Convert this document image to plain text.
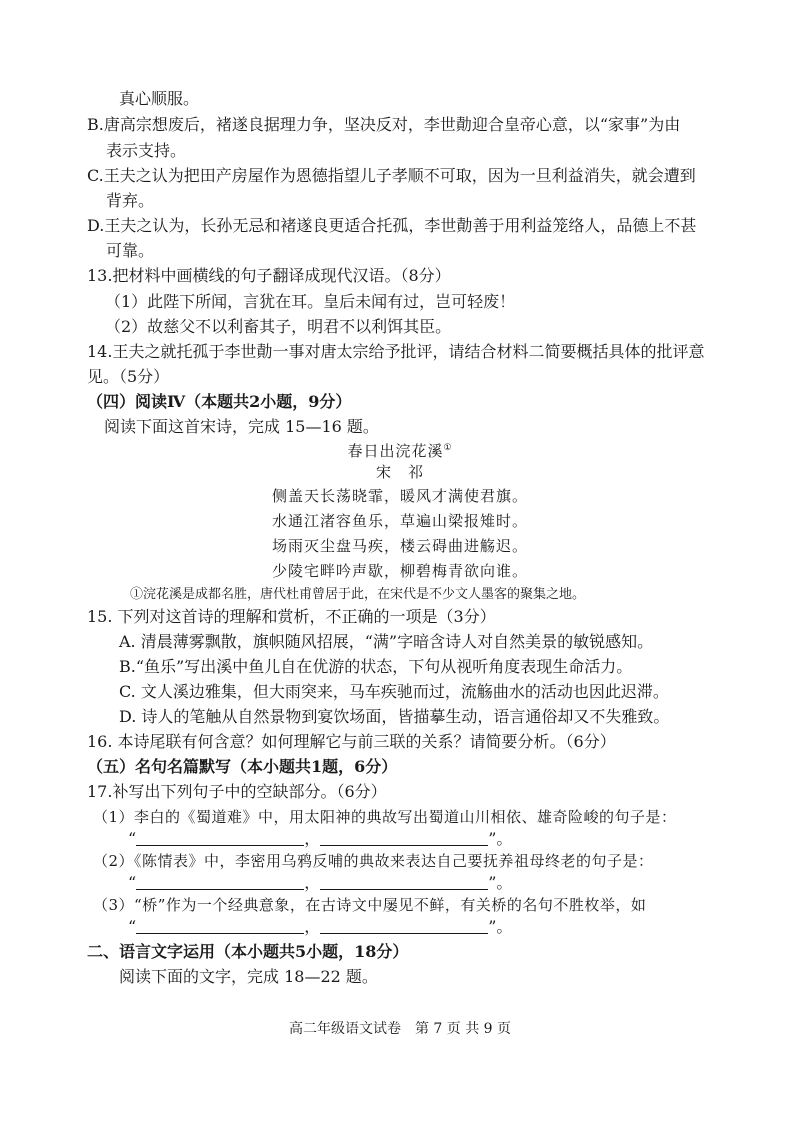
真心顺服。
B.唐高宗想废后，褚遂良据理力争，坚决反对，李世勣迎合皇帝心意，以“家事”为由
表示支持。
C.王夫之认为把田产房屋作为恩德指望儿子孝顺不可取，因为一旦利益消失，就会遭到
背弃。
D.王夫之认为，长孙无忌和褚遂良更适合托孤，李世勣善于用利益笼络人，品德上不甚
可靠。
13.把材料中画横线的句子翻译成现代汉语。（8分）
（1）此陛下所闻，言犹在耳。皇后未闻有过，岂可轻废！
（2）故慈父不以利畜其子，明君不以利饵其臣。
14.王夫之就托孤于李世勣一事对唐太宗给予批评，请结合材料二简要概括具体的批评意
见。（5分）
（四）阅读Ⅳ（本题共2小题，9分）
阅读下面这首宋诗，完成 15—16 题。
春日出浣花溪①
宋　祁
侧盖天长荡晓霏，暖风才满使君旗。
水通江渚容鱼乐，草遍山梁报雉时。
场雨灭尘盘马疾，楼云碍曲进觞迟。
少陵宅畔吟声歇，柳碧梅青欲向谁。
①浣花溪是成都名胜，唐代杜甫曾居于此，在宋代是不少文人墨客的聚集之地。
15. 下列对这首诗的理解和赏析，不正确的一项是（3分）
A. 清晨薄雾飘散，旗帜随风招展，“满”字暗含诗人对自然美景的敏锐感知。
B.“鱼乐”写出溪中鱼儿自在优游的状态，下句从视听角度表现生命活力。
C. 文人溪边雅集，但大雨突来，马车疾驰而过，流觞曲水的活动也因此迟滞。
D. 诗人的笔触从自然景物到宴饮场面，皆描摹生动，语言通俗却又不失雅致。
16. 本诗尾联有何含意？如何理解它与前三联的关系？请简要分析。（6分）
（五）名句名篇默写（本小题共1题，6分）
17.补写出下列句子中的空缺部分。（6分）
（1）李白的《蜀道难》中，用太阳神的典故写出蜀道山川相依、雄奇险峻的句子是：
“	，	”。
（2）《陈情表》中，李密用乌鸦反哺的典故来表达自己要抚养祖母终老的句子是：
“	，	”。
（3）“桥”作为一个经典意象，在古诗文中屡见不鲜，有关桥的名句不胜枚举，如
“	，	”。
二、语言文字运用（本小题共5小题，18分）
阅读下面的文字，完成 18—22 题。
高二年级语文试卷　第 7 页 共 9 页
